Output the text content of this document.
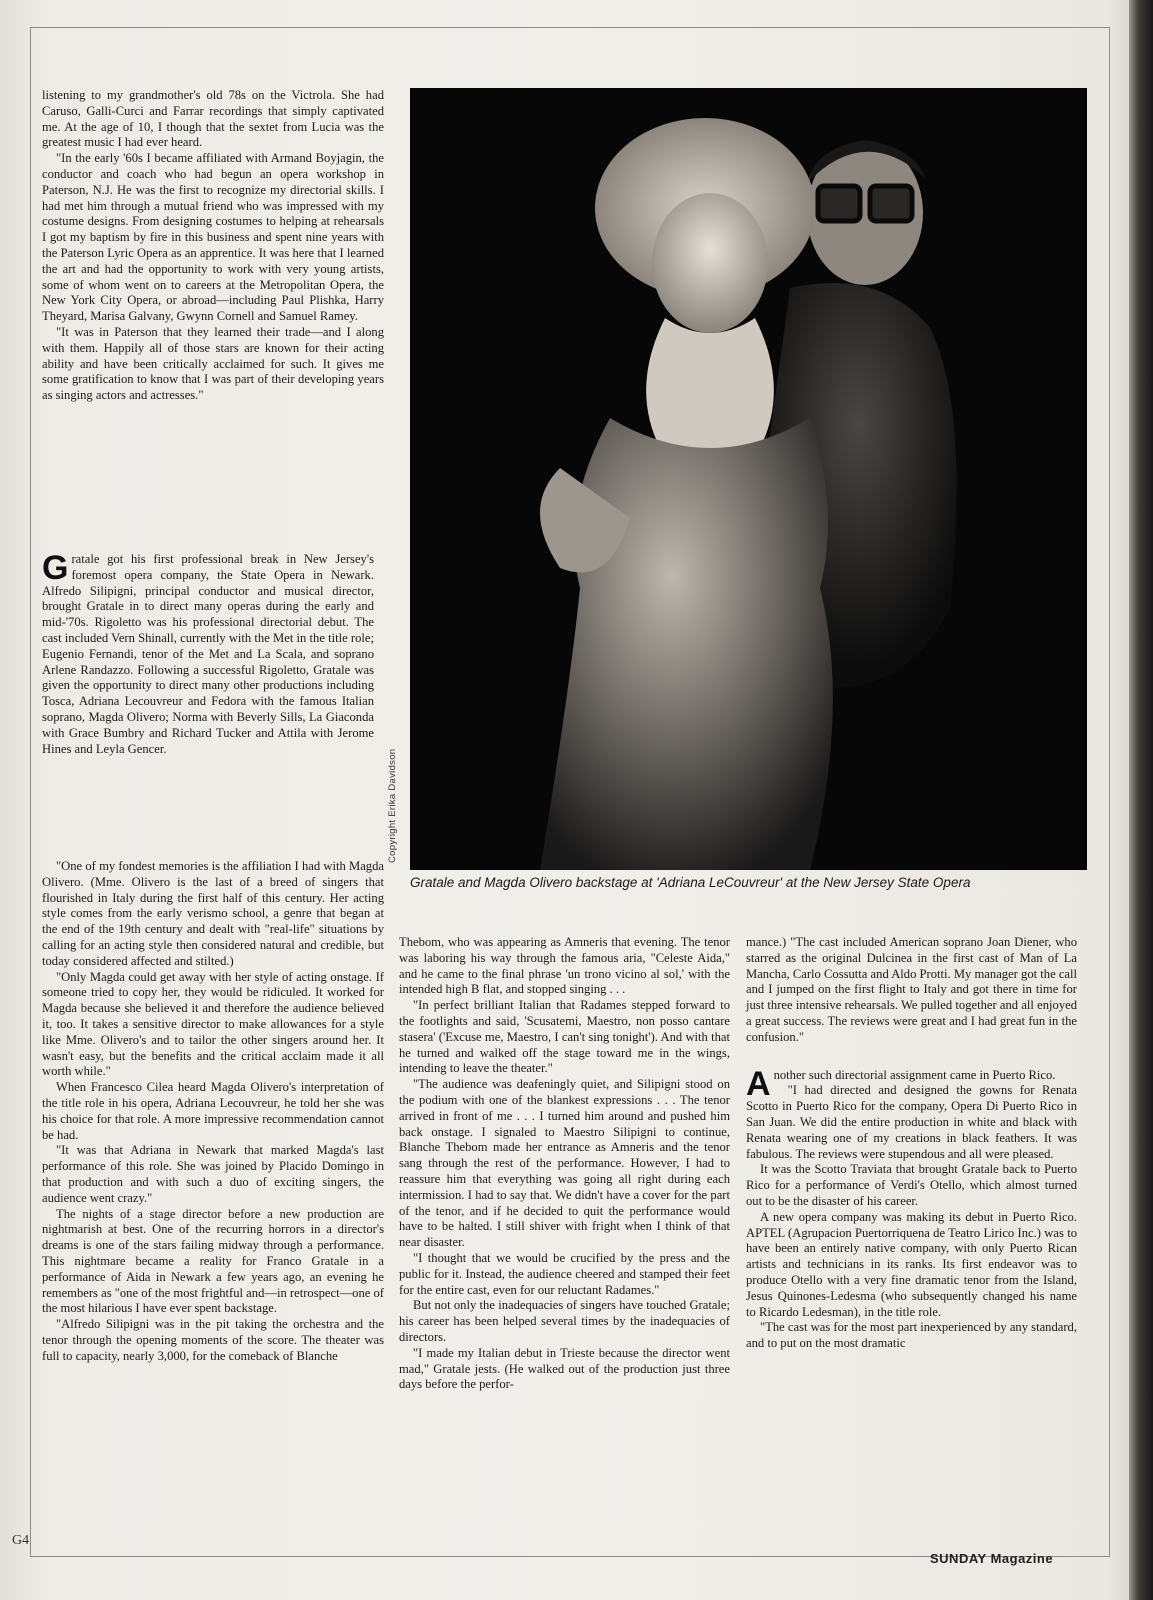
listening to my grandmother's old 78s on the Victrola. She had Caruso, Galli-Curci and Farrar recordings that simply captivated me. At the age of 10, I though that the sextet from Lucia was the greatest music I had ever heard.

"In the early '60s I became affiliated with Armand Boyjagin, the conductor and coach who had begun an opera workshop in Paterson, N.J. He was the first to recognize my directorial skills. I had met him through a mutual friend who was impressed with my costume designs. From designing costumes to helping at rehearsals I got my baptism by fire in this business and spent nine years with the Paterson Lyric Opera as an apprentice. It was here that I learned the art and had the opportunity to work with very young artists, some of whom went on to careers at the Metropolitan Opera, the New York City Opera, or abroad—including Paul Plishka, Harry Theyard, Marisa Galvany, Gwynn Cornell and Samuel Ramey.

"It was in Paterson that they learned their trade—and I along with them. Happily all of those stars are known for their acting ability and have been critically acclaimed for such. It gives me some gratification to know that I was part of their developing years as singing actors and actresses."

Gratale got his first professional break in New Jersey's foremost opera company, the State Opera in Newark. Alfredo Silipigni, principal conductor and musical director, brought Gratale in to direct many operas during the early and mid-'70s. Rigoletto was his professional directorial debut. The cast included Vern Shinall, currently with the Met in the title role; Eugenio Fernandi, tenor of the Met and La Scala, and soprano Arlene Randazzo. Following a successful Rigoletto, Gratale was given the opportunity to direct many other productions including Tosca, Adriana Lecouvreur and Fedora with the famous Italian soprano, Magda Olivero; Norma with Beverly Sills, La Giaconda with Grace Bumbry and Richard Tucker and Attila with Jerome Hines and Leyla Gencer.

"One of my fondest memories is the affiliation I had with Magda Olivero. (Mme. Olivero is the last of a breed of singers that flourished in Italy during the first half of this century. Her acting style comes from the early verismo school, a genre that began at the end of the 19th century and dealt with "real-life" situations by calling for an acting style then considered natural and credible, but today considered affected and stilted.)

"Only Magda could get away with her style of acting onstage. If someone tried to copy her, they would be ridiculed. It worked for Magda because she believed it and therefore the audience believed it, too. It takes a sensitive director to make allowances for a style like Mme. Olivero's and to tailor the other singers around her. It wasn't easy, but the benefits and the critical acclaim made it all worth while."

When Francesco Cilea heard Magda Olivero's interpretation of the title role in his opera, Adriana Lecouvreur, he told her she was his choice for that role. A more impressive recommendation cannot be had.

"It was that Adriana in Newark that marked Magda's last performance of this role. She was joined by Placido Domingo in that production and with such a duo of exciting singers, the audience went crazy."

The nights of a stage director before a new production are nightmarish at best. One of the recurring horrors in a director's dreams is one of the stars failing midway through a performance. This nightmare became a reality for Franco Gratale in a performance of Aida in Newark a few years ago, an evening he remembers as "one of the most frightful and—in retrospect—one of the most hilarious I have ever spent backstage.

"Alfredo Silipigni was in the pit taking the orchestra and the tenor through the opening moments of the score. The theater was full to capacity, nearly 3,000, for the comeback of Blanche

Copyright Erika Davidson
Gratale and Magda Olivero backstage at 'Adriana LeCouvreur' at the New Jersey State Opera

Thebom, who was appearing as Amneris that evening. The tenor was laboring his way through the famous aria, "Celeste Aida," and he came to the final phrase 'un trono vicino al sol,' with the intended high B flat, and stopped singing . . .

"In perfect brilliant Italian that Radames stepped forward to the footlights and said, 'Scusatemi, Maestro, non posso cantare stasera' ('Excuse me, Maestro, I can't sing tonight'). And with that he turned and walked off the stage toward me in the wings, intending to leave the theater."

"The audience was deafeningly quiet, and Silipigni stood on the podium with one of the blankest expressions . . . The tenor arrived in front of me . . . I turned him around and pushed him back onstage. I signaled to Maestro Silipigni to continue, Blanche Thebom made her entrance as Amneris and the tenor sang through the rest of the performance. However, I had to reassure him that everything was going all right during each intermission. I had to say that. We didn't have a cover for the part of the tenor, and if he decided to quit the performance would have to be halted. I still shiver with fright when I think of that near disaster.

"I thought that we would be crucified by the press and the public for it. Instead, the audience cheered and stamped their feet for the entire cast, even for our reluctant Radames."

But not only the inadequacies of singers have touched Gratale; his career has been helped several times by the inadequacies of directors.

"I made my Italian debut in Trieste because the director went mad," Gratale jests. (He walked out of the production just three days before the perfor-

mance.) "The cast included American soprano Joan Diener, who starred as the original Dulcinea in the first cast of Man of La Mancha, Carlo Cossutta and Aldo Protti. My manager got the call and I jumped on the first flight to Italy and got there in time for just three intensive rehearsals. We pulled together and all enjoyed a great success. The reviews were great and I had great fun in the confusion."

Another such directorial assignment came in Puerto Rico.

"I had directed and designed the gowns for Renata Scotto in Puerto Rico for the company, Opera Di Puerto Rico in San Juan. We did the entire production in white and black with Renata wearing one of my creations in black feathers. It was fabulous. The reviews were stupendous and all were pleased.

It was the Scotto Traviata that brought Gratale back to Puerto Rico for a performance of Verdi's Otello, which almost turned out to be the disaster of his career.

A new opera company was making its debut in Puerto Rico. APTEL (Agrupacion Puertorriquena de Teatro Lirico Inc.) was to have been an entirely native company, with only Puerto Rican artists and technicians in its ranks. Its first endeavor was to produce Otello with a very fine dramatic tenor from the Island, Jesus Quinones-Ledesma (who subsequently changed his name to Ricardo Ledesman), in the title role.

"The cast was for the most part inexperienced by any standard, and to put on the most dramatic

G4
SUNDAY Magazine
